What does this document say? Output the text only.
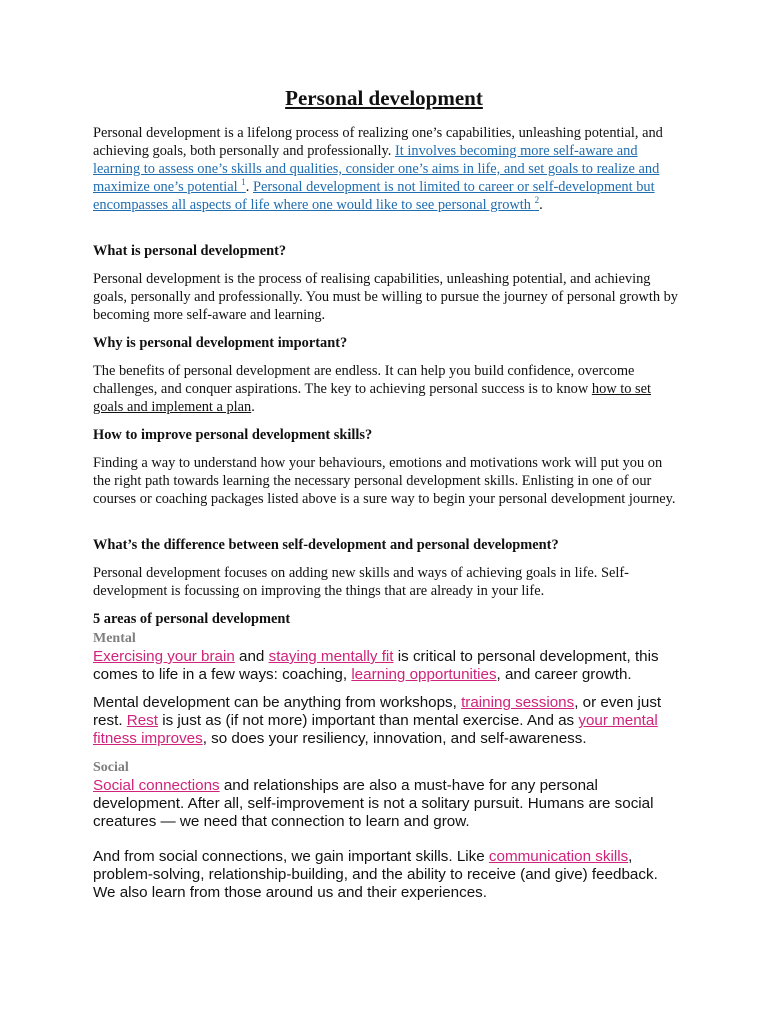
Personal development

Personal development is a lifelong process of realizing one’s capabilities, unleashing potential, and achieving goals, both personally and professionally. It involves becoming more self-aware and learning to assess one’s skills and qualities, consider one’s aims in life, and set goals to realize and maximize one’s potential $^1$. Personal development is not limited to career or self-development but encompasses all aspects of life where one would like to see personal growth $^2$.

What is personal development?

Personal development is the process of realising capabilities, unleashing potential, and achieving goals, personally and professionally. You must be willing to pursue the journey of personal growth by becoming more self-aware and learning.

Why is personal development important?

The benefits of personal development are endless. It can help you build confidence, overcome challenges, and conquer aspirations. The key to achieving personal success is to know how to set goals and implement a plan.

How to improve personal development skills?

Finding a way to understand how your behaviours, emotions and motivations work will put you on the right path towards learning the necessary personal development skills. Enlisting in one of our courses or coaching packages listed above is a sure way to begin your personal development journey.

What’s the difference between self-development and personal development?

Personal development focuses on adding new skills and ways of achieving goals in life. Self-development is focussing on improving the things that are already in your life.

5 areas of personal development
Mental

Exercising your brain and staying mentally fit is critical to personal development, this comes to life in a few ways: coaching, learning opportunities, and career growth.

Mental development can be anything from workshops, training sessions, or even just rest. Rest is just as (if not more) important than mental exercise. And as your mental fitness improves, so does your resiliency, innovation, and self-awareness.

Social

Social connections and relationships are also a must-have for any personal development. After all, self-improvement is not a solitary pursuit. Humans are social creatures — we need that connection to learn and grow.

And from social connections, we gain important skills. Like communication skills, problem-solving, relationship-building, and the ability to receive (and give) feedback. We also learn from those around us and their experiences.
